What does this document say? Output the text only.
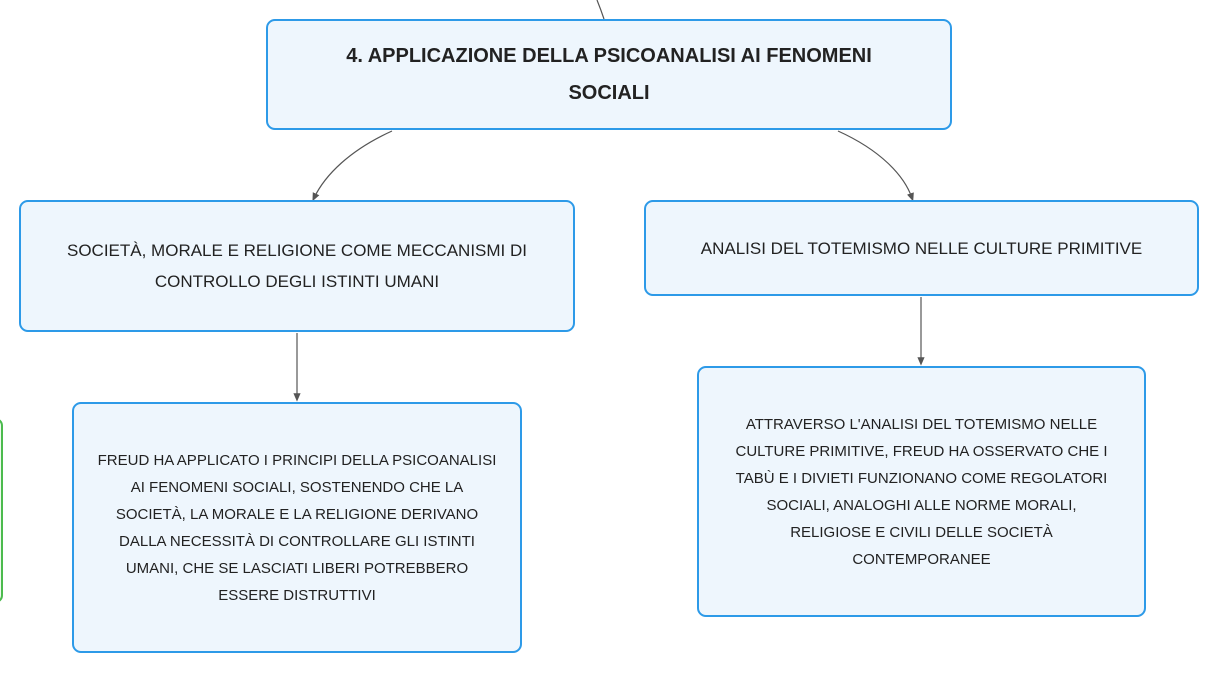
4. APPLICAZIONE DELLA PSICOANALISI AI FENOMENI SOCIALI
SOCIETÀ, MORALE E RELIGIONE COME MECCANISMI DI CONTROLLO DEGLI ISTINTI UMANI
ANALISI DEL TOTEMISMO NELLE CULTURE PRIMITIVE
FREUD HA APPLICATO I PRINCIPI DELLA PSICOANALISI AI FENOMENI SOCIALI, SOSTENENDO CHE LA SOCIETÀ, LA MORALE E LA RELIGIONE DERIVANO DALLA NECESSITÀ DI CONTROLLARE GLI ISTINTI UMANI, CHE SE LASCIATI LIBERI POTREBBERO ESSERE DISTRUTTIVI
ATTRAVERSO L'ANALISI DEL TOTEMISMO NELLE CULTURE PRIMITIVE, FREUD HA OSSERVATO CHE I TABÙ E I DIVIETI FUNZIONANO COME REGOLATORI SOCIALI, ANALOGHI ALLE NORME MORALI, RELIGIOSE E CIVILI DELLE SOCIETÀ CONTEMPORANEE
